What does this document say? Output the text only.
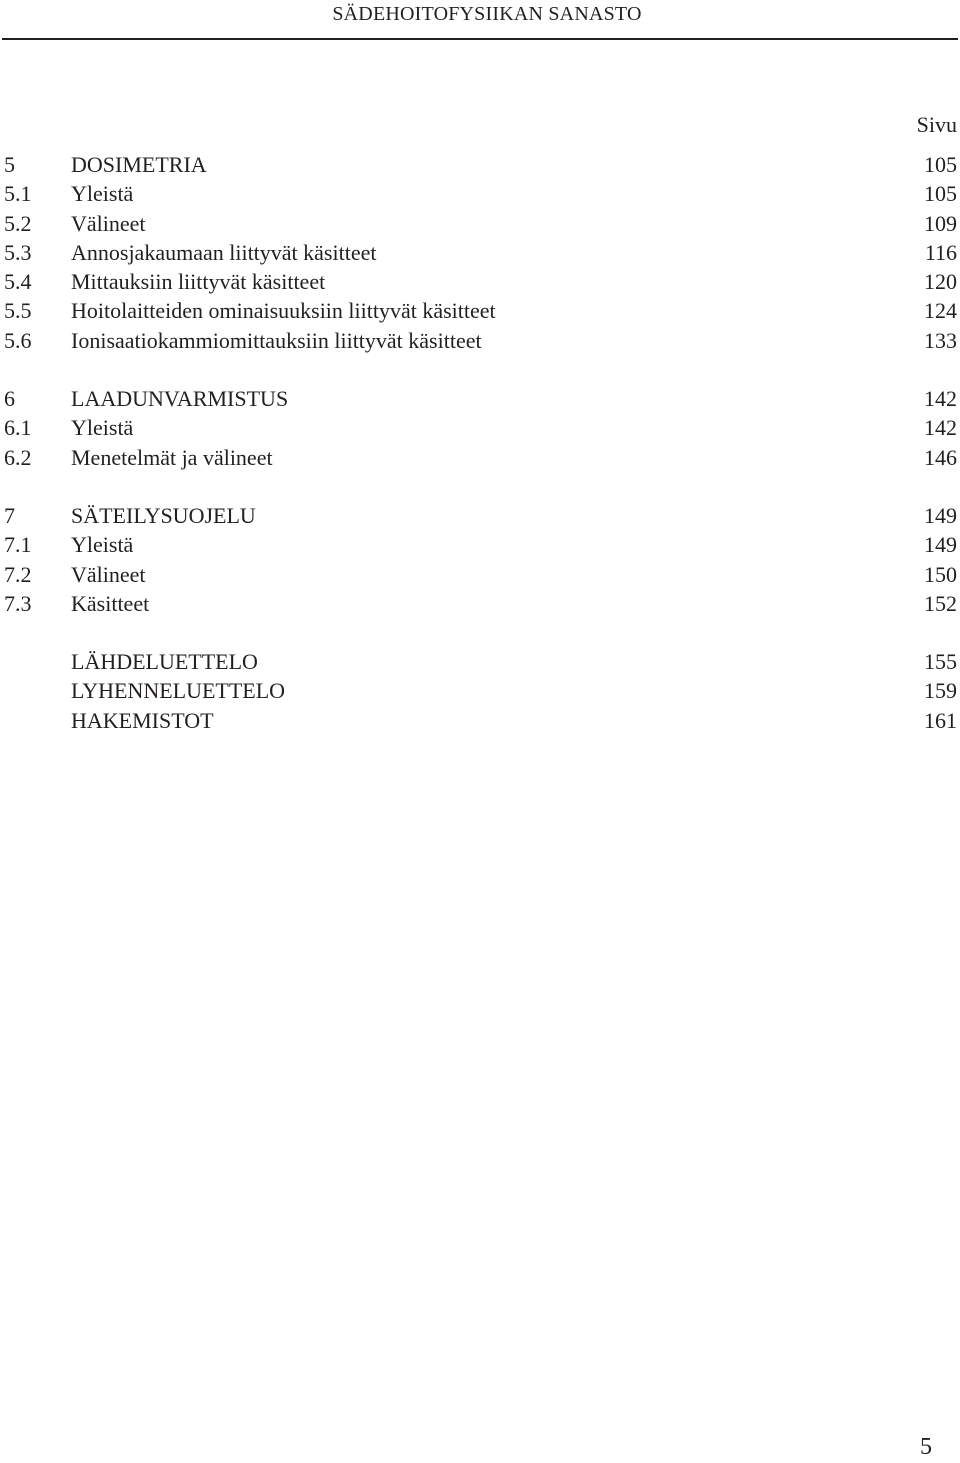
SÄDEHOITOFYSIIKAN SANASTO
Sivu
5	DOSIMETRIA	105
5.1 Yleistä	105
5.2 Välineet	109
5.3 Annosjakaumaan liittyvät käsitteet	116
5.4 Mittauksiin liittyvät käsitteet	120
5.5 Hoitolaitteiden ominaisuuksiin liittyvät käsitteet	124
5.6 Ionisaatiokammiomittauksiin liittyvät käsitteet	133
6	LAADUNVARMISTUS	142
6.1 Yleistä	142
6.2 Menetelmät ja välineet	146
7	SÄTEILYSUOJELU	149
7.1 Yleistä	149
7.2 Välineet	150
7.3 Käsitteet	152
LÄHDELUETTELO	155
LYHENNELUETTELO	159
HAKEMISTOT	161
5
